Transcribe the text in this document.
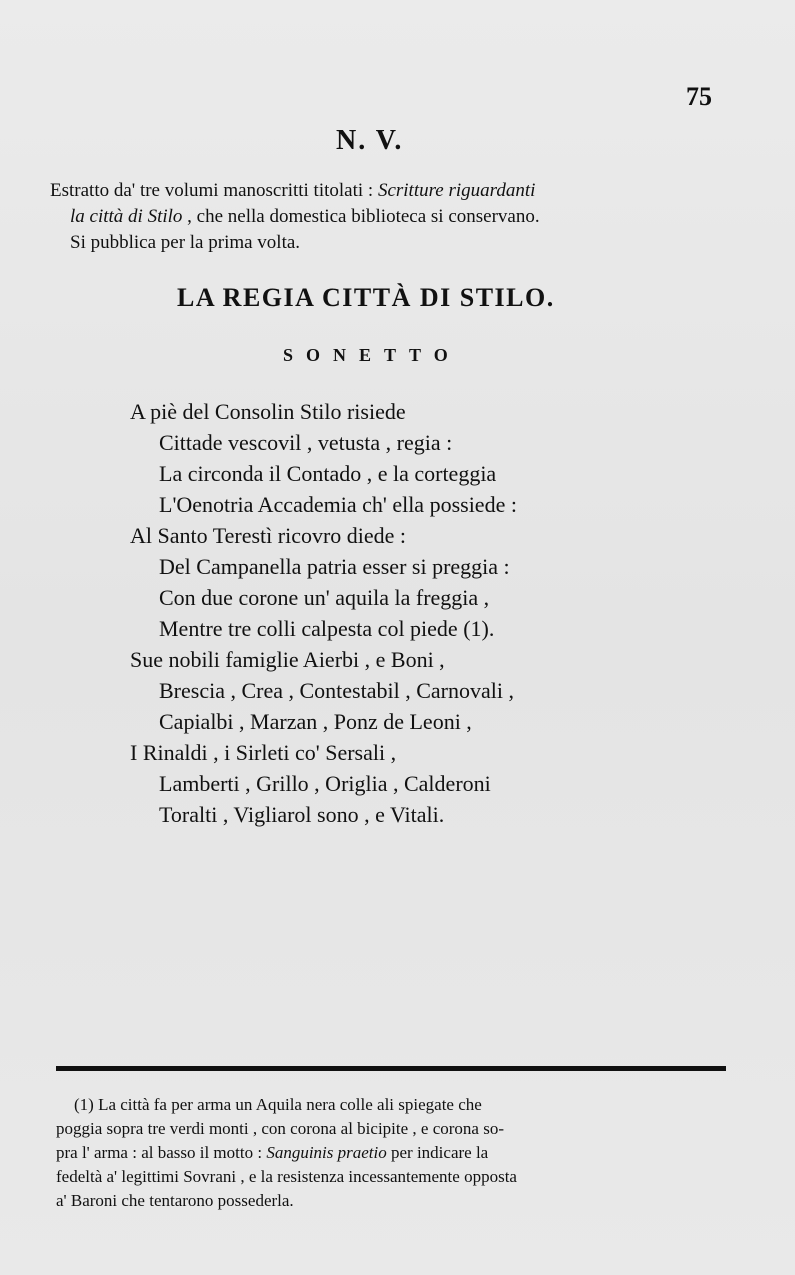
75
N. V.
Estratto da' tre volumi manoscritti titolati : Scritture riguardanti
la città di Stilo , che nella domestica biblioteca si conservano.
Si pubblica per la prima volta.
LA REGIA CITTÀ DI STILO.
SONETTO
A piè del Consolin Stilo risiede
Cittade vescovil , vetusta , regia :
La circonda il Contado , e la corteggia
L'Oenotria Accademia ch' ella possiede :
Al Santo Terestì ricovro diede :
Del Campanella patria esser si preggia :
Con due corone un' aquila la freggia ,
Mentre tre colli calpesta col piede (1).
Sue nobili famiglie Aierbi , e Boni ,
Brescia , Crea , Contestabil , Carnovali ,
Capialbi , Marzan , Ponz de Leoni ,
I Rinaldi , i Sirleti co' Sersali ,
Lamberti , Grillo , Origlia , Calderoni
Toralti , Vigliarol sono , e Vitali.
(1) La città fa per arma un Aquila nera colle ali spiegate che
poggia sopra tre verdi monti , con corona al bicipite , e corona so-
pra l' arma : al basso il motto : Sanguinis praetio per indicare la
fedeltà a' legittimi Sovrani , e la resistenza incessantemente opposta
a' Baroni che tentarono possederla.
